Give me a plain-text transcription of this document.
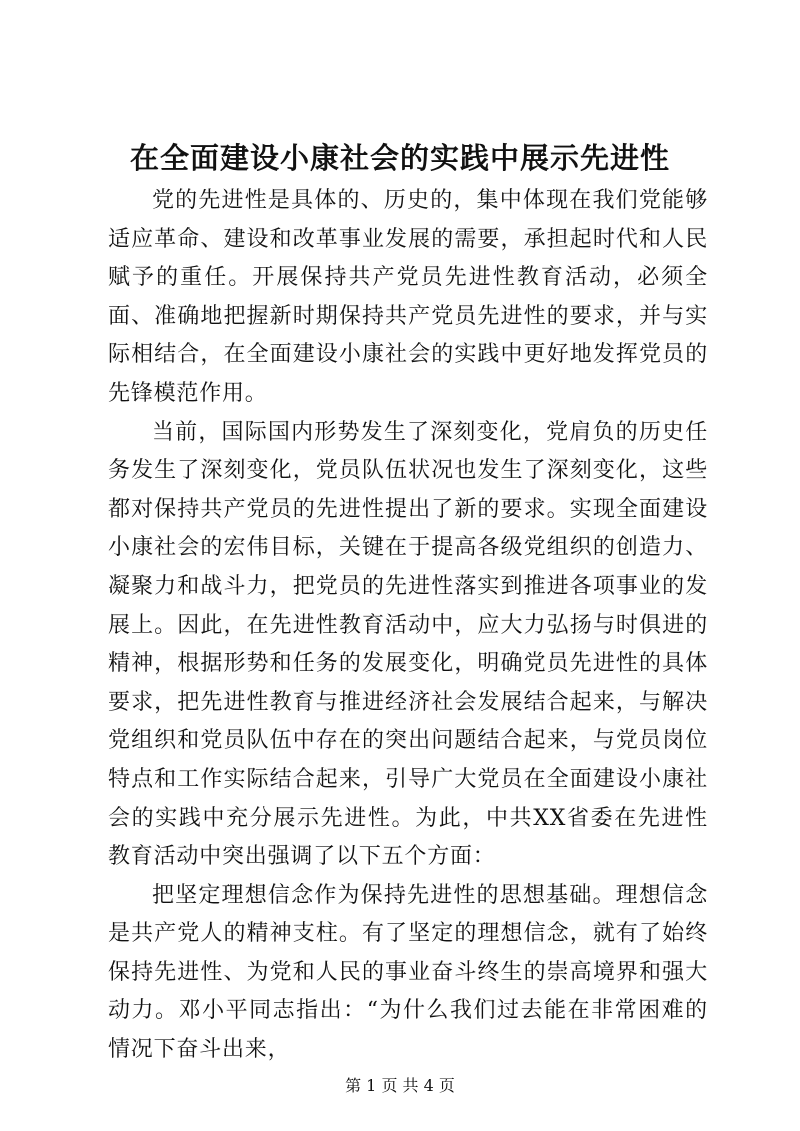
在全面建设小康社会的实践中展示先进性

党的先进性是具体的、历史的，集中体现在我们党能够适应革命、建设和改革事业发展的需要，承担起时代和人民赋予的重任。开展保持共产党员先进性教育活动，必须全面、准确地把握新时期保持共产党员先进性的要求，并与实际相结合，在全面建设小康社会的实践中更好地发挥党员的先锋模范作用。

当前，国际国内形势发生了深刻变化，党肩负的历史任务发生了深刻变化，党员队伍状况也发生了深刻变化，这些都对保持共产党员的先进性提出了新的要求。实现全面建设小康社会的宏伟目标，关键在于提高各级党组织的创造力、凝聚力和战斗力，把党员的先进性落实到推进各项事业的发展上。因此，在先进性教育活动中，应大力弘扬与时俱进的精神，根据形势和任务的发展变化，明确党员先进性的具体要求，把先进性教育与推进经济社会发展结合起来，与解决党组织和党员队伍中存在的突出问题结合起来，与党员岗位特点和工作实际结合起来，引导广大党员在全面建设小康社会的实践中充分展示先进性。为此，中共XX省委在先进性教育活动中突出强调了以下五个方面：

把坚定理想信念作为保持先进性的思想基础。理想信念是共产党人的精神支柱。有了坚定的理想信念，就有了始终保持先进性、为党和人民的事业奋斗终生的崇高境界和强大动力。邓小平同志指出：“为什么我们过去能在非常困难的情况下奋斗出来，

第 1 页 共 4 页
